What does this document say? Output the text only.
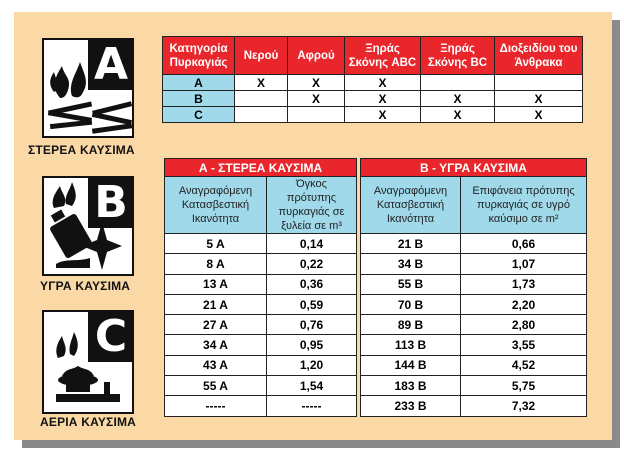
A
ΣΤΕΡΕΑ ΚΑΥΣΙΜΑ
B
ΥΓΡΑ ΚΑΥΣΙΜΑ
C
ΑΕΡΙΑ ΚΑΥΣΙΜΑ
Κατηγορία Πυρκαγιάς	Νερού	Αφρού	Ξηράς Σκόνης ABC	Ξηράς Σκόνης BC	Διοξειδίου του Άνθρακα
A	X	X	X		
B		X	X	X	X
C			X	X	X
Α - ΣΤΕΡΕΑ ΚΑΥΣΙΜΑ			Β - ΥΓΡΑ ΚΑΥΣΙΜΑ	
Αναγραφόμενη Κατασβεστική Ικανότητα	Όγκος πρότυπης πυρκαγιάς σε ξυλεία σε m³		Αναγραφόμενη Κατασβεστική Ικανότητα	Επιφάνεια πρότυπης πυρκαγιάς σε υγρό καύσιμο σε m²
5 A	0,14		21 B	0,66
8 A	0,22		34 B	1,07
13 A	0,36		55 B	1,73
21 A	0,59		70 B	2,20
27 A	0,76		89 B	2,80
34 A	0,95		113 B	3,55
43 A	1,20		144 B	4,52
55 A	1,54		183 B	5,75
-----	-----		233 B	7,32
